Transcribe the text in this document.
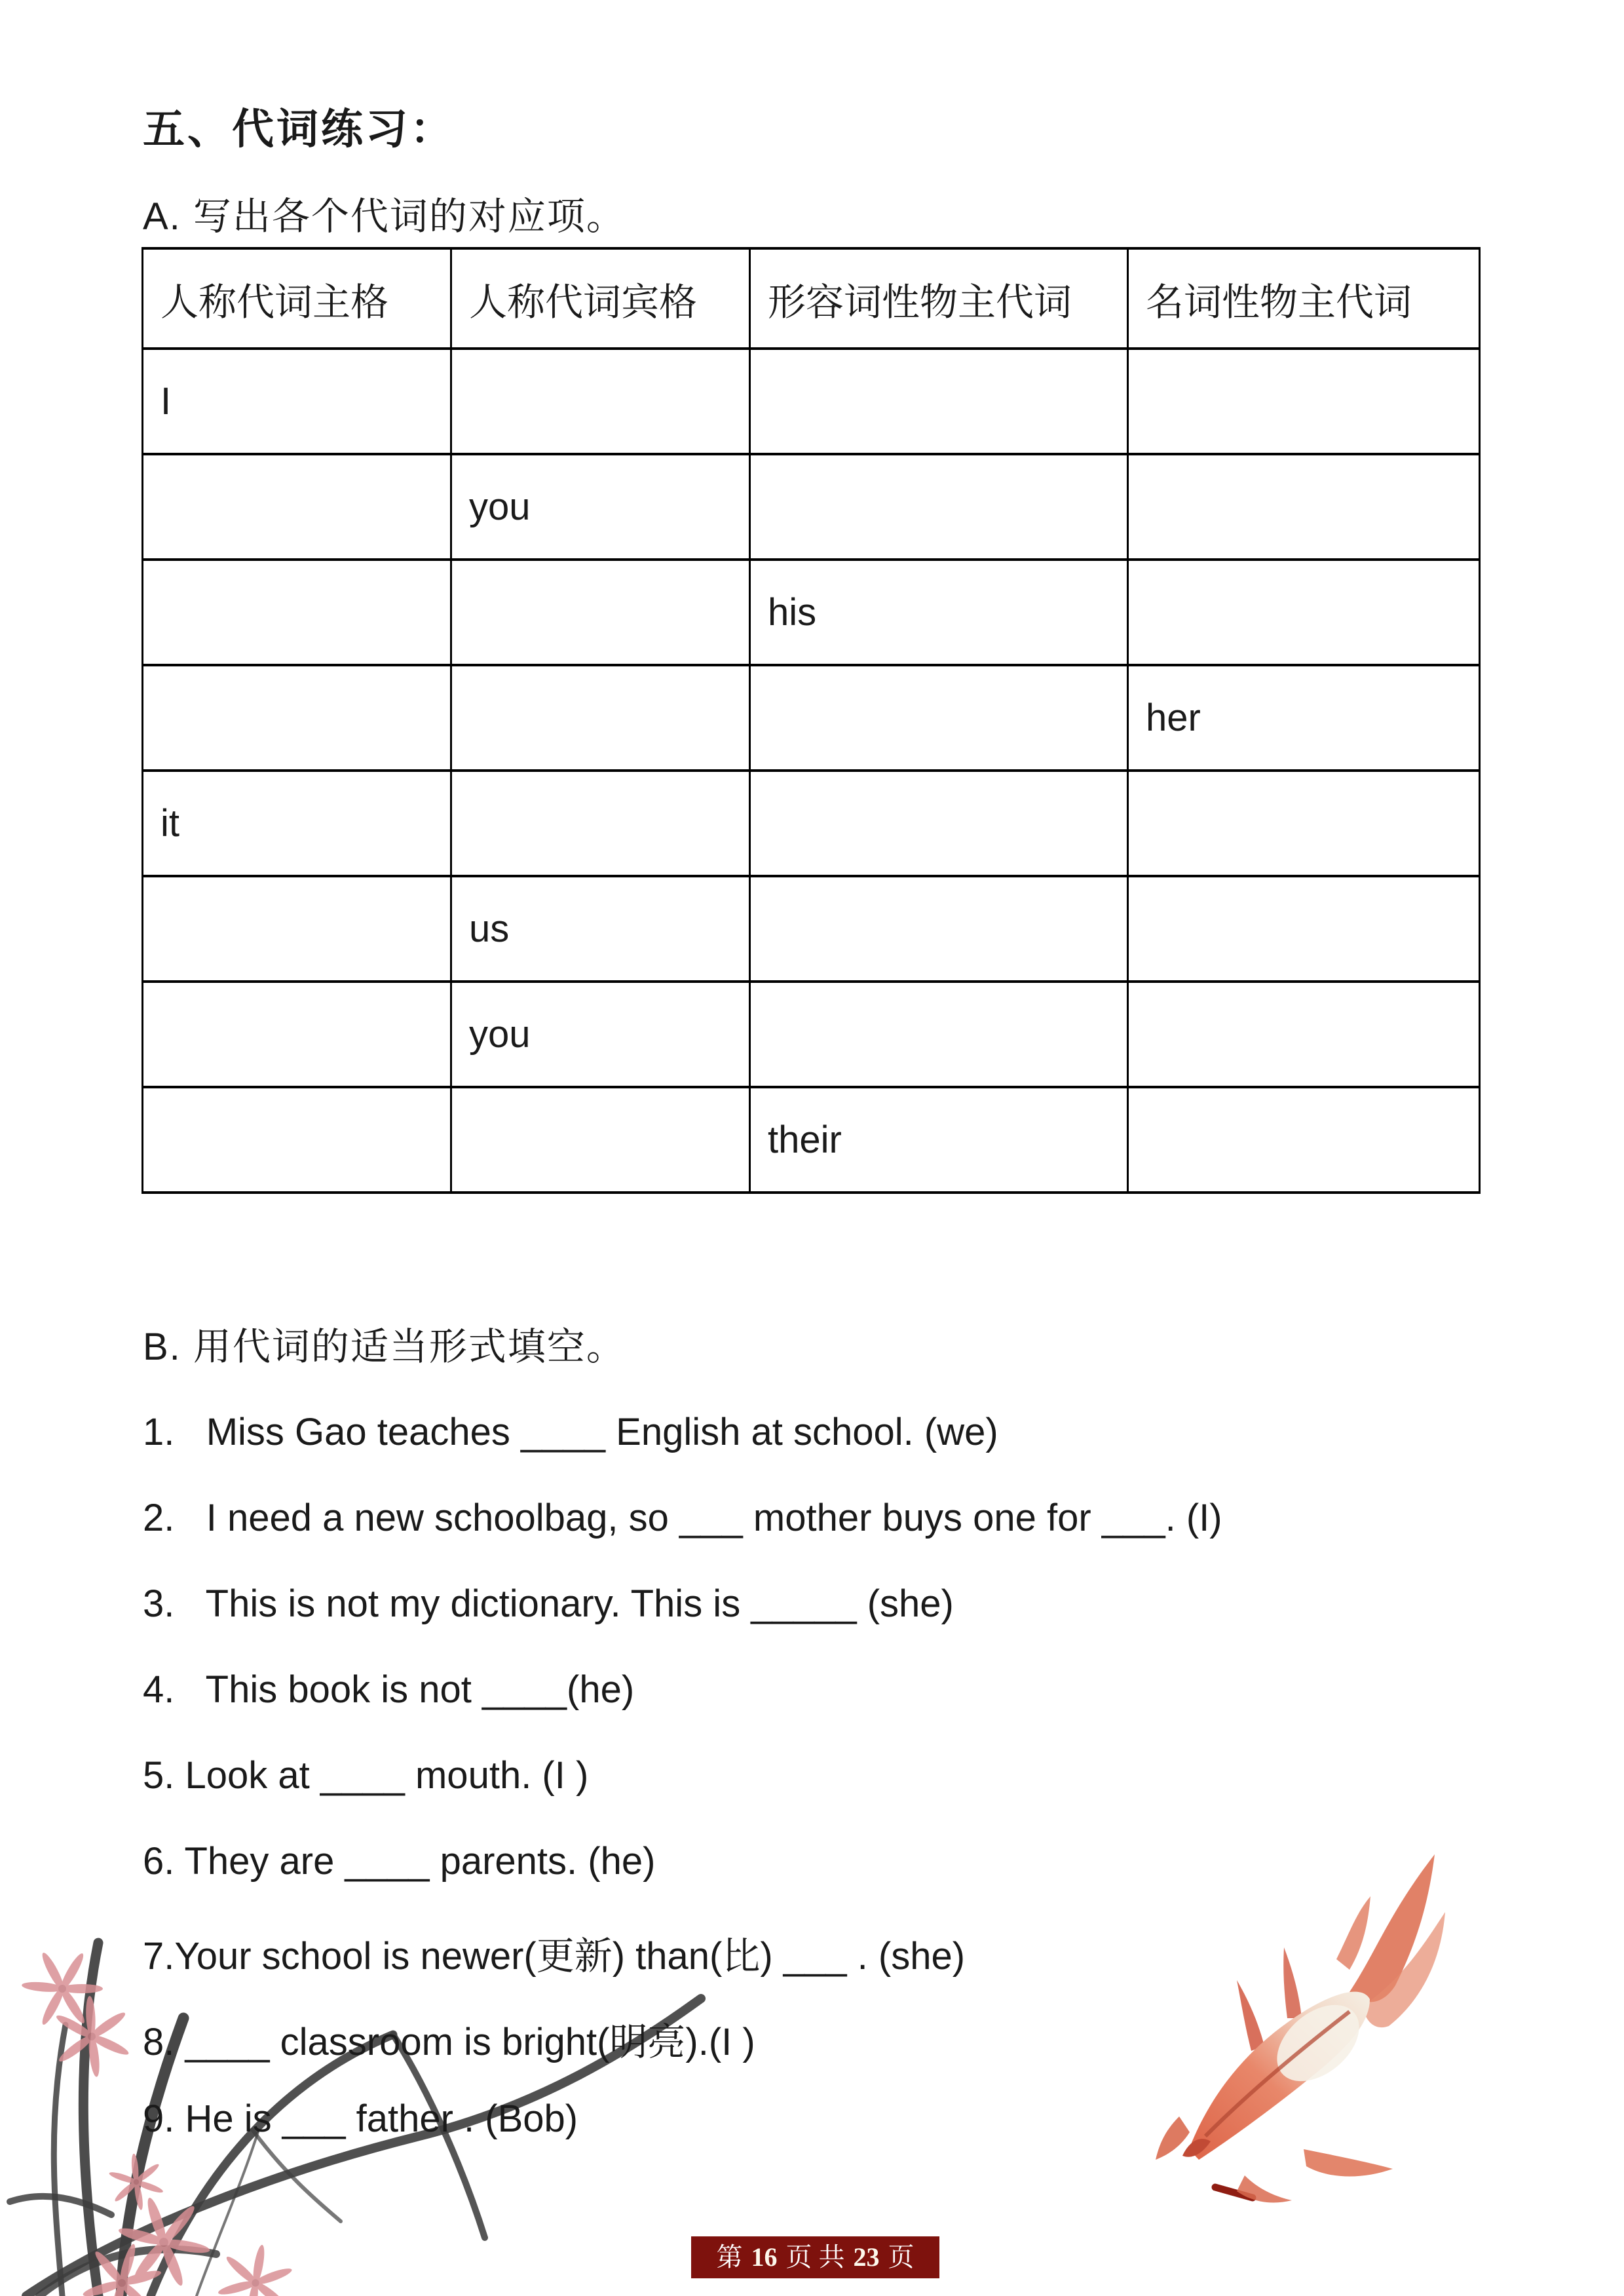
五、代词练习：
A. 写出各个代词的对应项。
人称代词主格	人称代词宾格	形容词性物主代词	名词性物主代词
I			
	you		
		his	
			her
it			
	us		
	you		
		their	
B. 用代词的适当形式填空。
1.   Miss Gao teaches ____ English at school. (we)
2.   I need a new schoolbag, so ___ mother buys one for ___. (I)
3.   This is not my dictionary. This is _____ (she)
4.   This book is not ____(he)
5. Look at ____ mouth. (I )
6. They are ____ parents. (he)
7.Your school is newer(更新) than(比) ___ . (she)
8. ____ classroom is bright(明亮).(I )
9. He is ___ father . (Bob)
第 16 页 共 23 页
